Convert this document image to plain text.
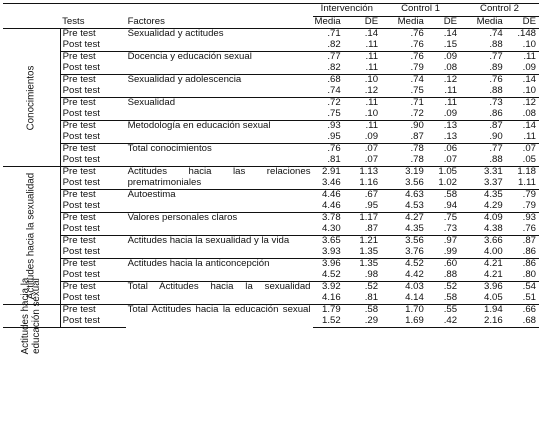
			Intervención		Control 1		Control 2	
	Tests	Factores	Media	DE	Media	DE	Media	DE

Conocimientos	Pre test	Sexualidad y actitudes	.71	.14	.76	.14	.74	.148
	Post test		.82	.11	.76	.15	.88	.10
	Pre test	Docencia y educación sexual	.77	.11	.76	.09	.77	.11
	Post test		.82	.11	.79	.08	.89	.09
	Pre test	Sexualidad y adolescencia	.68	.10	.74	.12	.76	.14
	Post test		.74	.12	.75	.11	.88	.10
	Pre test	Sexualidad	.72	.11	.71	.11	.73	.12
	Post test		.75	.10	.72	.09	.86	.08
	Pre test	Metodología en educación sexual	.93	.11	.90	.13	.87	.14
	Post test		.95	.09	.87	.13	.90	.11
	Pre test	Total conocimientos	.76	.07	.78	.06	.77	.07
	Post test		.81	.07	.78	.07	.88	.05

Actitudes hacia la sexualidad	Pre test	Actitudes hacia las relaciones prematrimoniales	2.91	1.13	3.19	1.05	3.31	1.18
	Post test		3.46	1.16	3.56	1.02	3.37	1.11
	Pre test	Autoestima	4.46	.67	4.63	.58	4.35	.79
	Post test		4.46	.95	4.53	.94	4.29	.79
	Pre test	Valores personales claros	3.78	1.17	4.27	.75	4.09	.93
	Post test		4.30	.87	4.35	.73	4.38	.76
	Pre test	Actitudes hacia la sexualidad y la vida	3.65	1.21	3.56	.97	3.66	.87
	Post test		3.93	1.35	3.76	.99	4.00	.86
	Pre test	Actitudes hacia la anticoncepción	3.96	1.35	4.52	.60	4.21	.86
	Post test		4.52	.98	4.42	.88	4.21	.80
	Pre test	Total Actitudes hacia la sexualidad	3.92	.52	4.03	.52	3.96	.54
	Post test		4.16	.81	4.14	.58	4.05	.51

Actitudes hacia la educación sexual	Pre test	Total Actitudes hacia la educación sexual	1.79	.58	1.70	.55	1.94	.66
	Post test		1.52	.29	1.69	.42	2.16	.68
